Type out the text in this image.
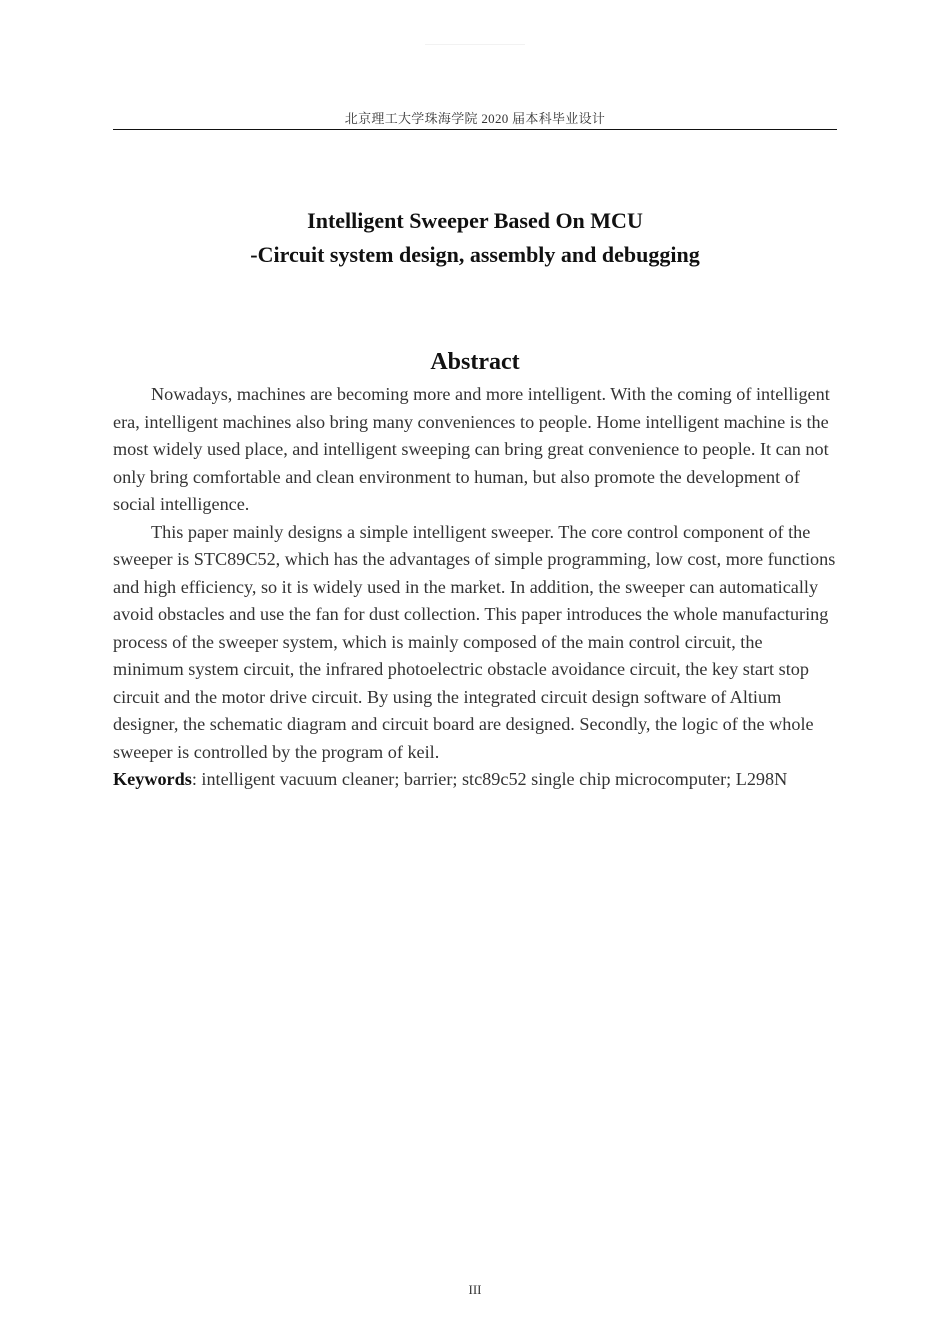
北京理工大学珠海学院 2020 届本科毕业设计
Intelligent Sweeper Based On MCU
-Circuit system design, assembly and debugging
Abstract

Nowadays, machines are becoming more and more intelligent. With the coming of intelligent era, intelligent machines also bring many conveniences to people. Home intelligent machine is the most widely used place, and intelligent sweeping can bring great convenience to people. It can not only bring comfortable and clean environment to human, but also promote the development of social intelligence.

This paper mainly designs a simple intelligent sweeper. The core control component of the sweeper is STC89C52, which has the advantages of simple programming, low cost, more functions and high efficiency, so it is widely used in the market. In addition, the sweeper can automatically avoid obstacles and use the fan for dust collection. This paper introduces the whole manufacturing process of the sweeper system, which is mainly composed of the main control circuit, the minimum system circuit, the infrared photoelectric obstacle avoidance circuit, the key start stop circuit and the motor drive circuit. By using the integrated circuit design software of Altium designer, the schematic diagram and circuit board are designed. Secondly, the logic of the whole sweeper is controlled by the program of keil.

Keywords: intelligent vacuum cleaner; barrier; stc89c52 single chip microcomputer; L298N

III
